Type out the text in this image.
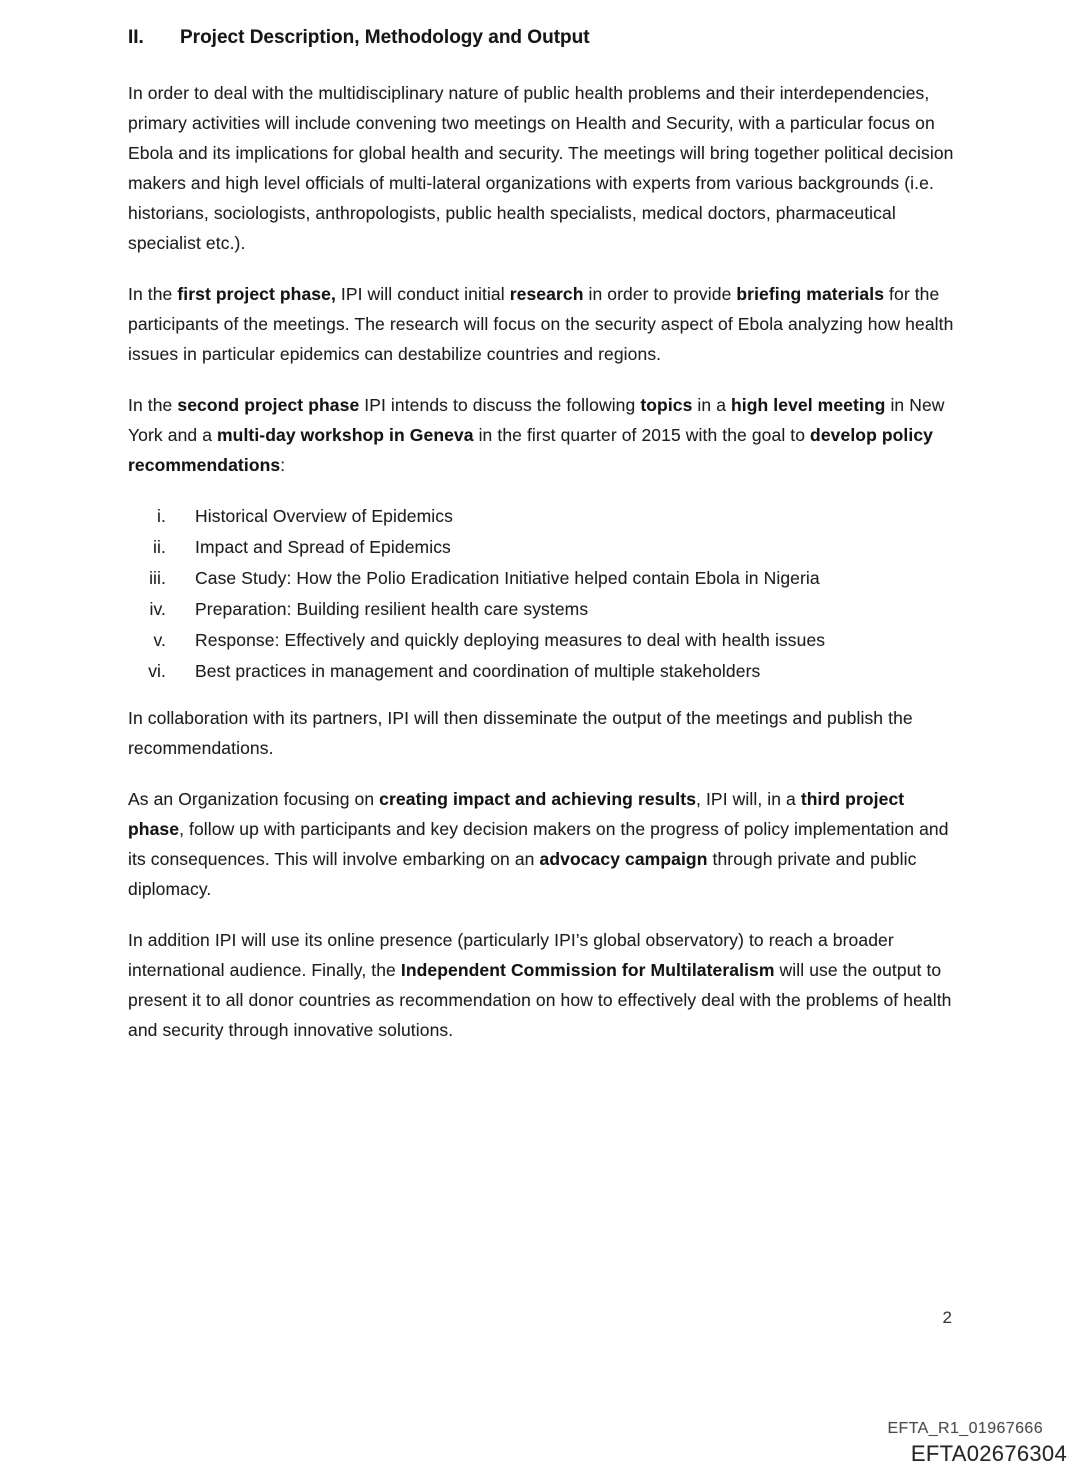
II.	Project Description, Methodology and Output

In order to deal with the multidisciplinary nature of public health problems and their interdependencies, primary activities will include convening two meetings on Health and Security, with a particular focus on Ebola and its implications for global health and security. The meetings will bring together political decision makers and high level officials of multi-lateral organizations with experts from various backgrounds (i.e. historians, sociologists, anthropologists, public health specialists, medical doctors, pharmaceutical specialist etc.).

In the first project phase, IPI will conduct initial research in order to provide briefing materials for the participants of the meetings. The research will focus on the security aspect of Ebola analyzing how health issues in particular epidemics can destabilize countries and regions.

In the second project phase IPI intends to discuss the following topics in a high level meeting in New York and a multi-day workshop in Geneva in the first quarter of 2015 with the goal to develop policy recommendations:

i.	Historical Overview of Epidemics
ii.	Impact and Spread of Epidemics
iii.	Case Study: How the Polio Eradication Initiative helped contain Ebola in Nigeria
iv.	Preparation: Building resilient health care systems
v.	Response: Effectively and quickly deploying measures to deal with health issues
vi.	Best practices in management and coordination of multiple stakeholders

In collaboration with its partners, IPI will then disseminate the output of the meetings and publish the recommendations.

As an Organization focusing on creating impact and achieving results, IPI will, in a third project phase, follow up with participants and key decision makers on the progress of policy implementation and its consequences. This will involve embarking on an advocacy campaign through private and public diplomacy.

In addition IPI will use its online presence (particularly IPI’s global observatory) to reach a broader international audience. Finally, the Independent Commission for Multilateralism will use the output to present it to all donor countries as recommendation on how to effectively deal with the problems of health and security through innovative solutions.

2
EFTA_R1_01967666
EFTA02676304
